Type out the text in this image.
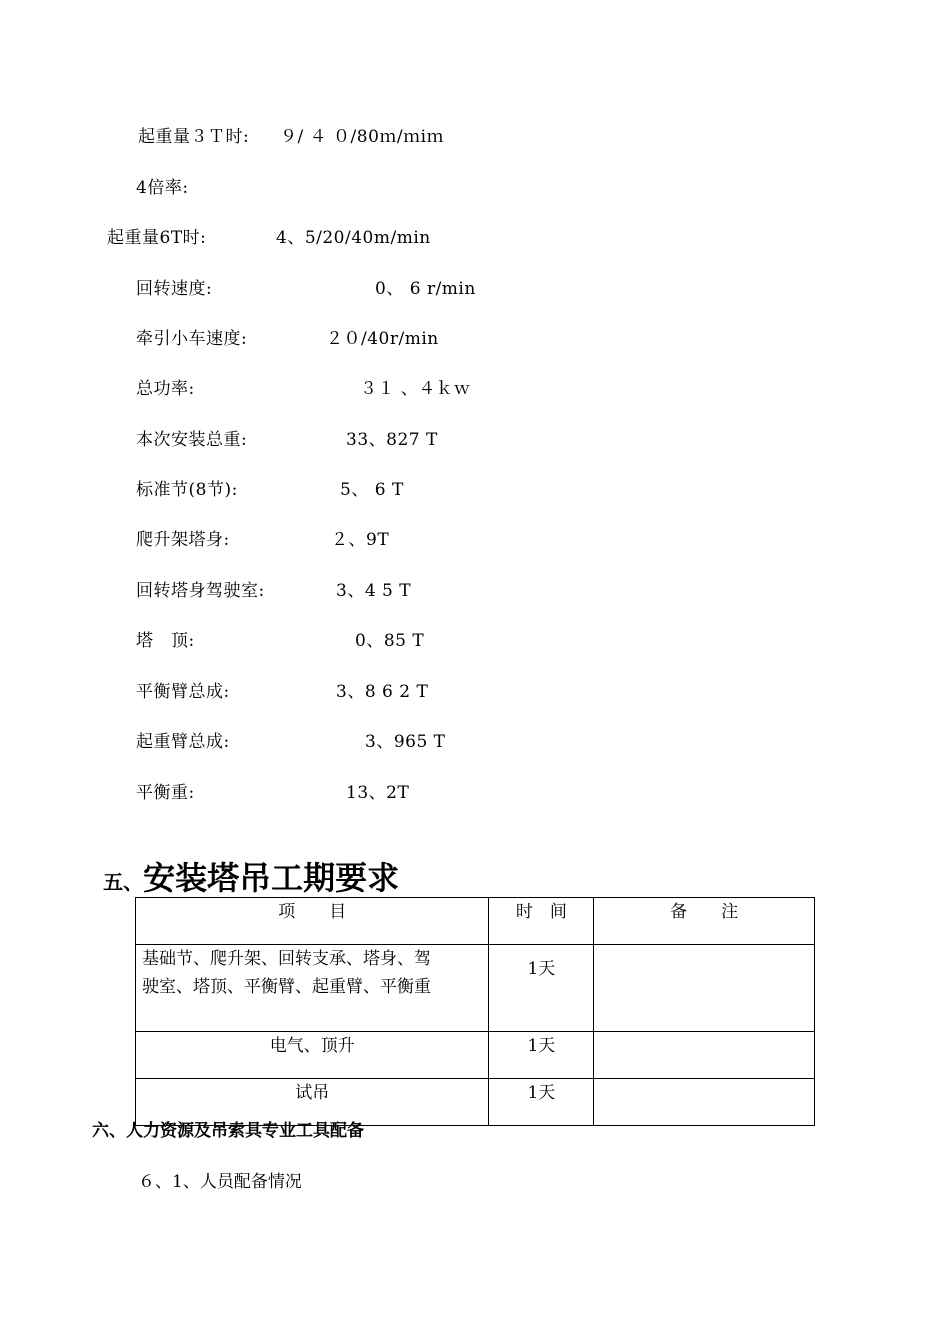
起重量３Ｔ时:

９/ ４ ０/80ｍ/ｍiｍ

4倍率:

起重量6T时:

	4、5/20/40m/min

回转速度:

	0、 6 r/min

牵引小车速度:

	２０/40r/min

总功率:

	３１ 、４ｋｗ

本次安装总重:

	33、827 T

标准节(8节):

	5、 6 T

爬升架塔身:

	２、9T

回转塔身驾驶室:

	3、4 5 T

塔　顶:

	0、85 T

平衡臂总成:

	3、8 6 2 T

起重臂总成:

	3、965 T

平衡重:

	13、2T

五、安装塔吊工期要求

项　　目	时　间	备　　注

基础节、爬升架、回转支承、塔身、驾
驶室、塔顶、平衡臂、起重臂、平衡重	1天	
电气、顶升	1天	
试吊	1天	
六、人力资源及吊索具专业工具配备
６、1、人员配备情况
